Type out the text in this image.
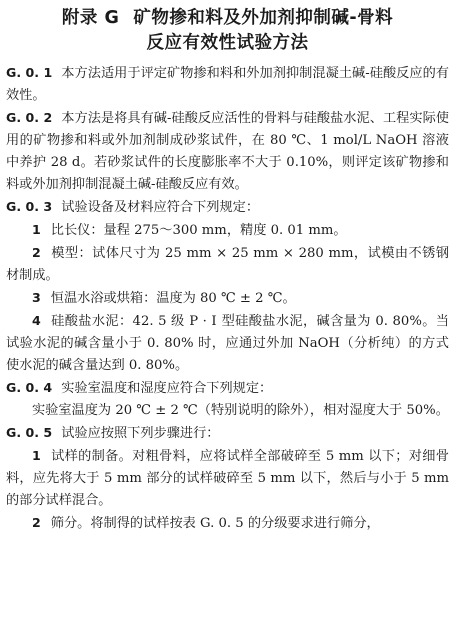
附录 G 矿物掺和料及外加剂抑制碱-骨料
反应有效性试验方法

G. 0. 1 本方法适用于评定矿物掺和料和外加剂抑制混凝土碱-硅酸反应的有效性。

G. 0. 2 本方法是将具有碱-硅酸反应活性的骨料与硅酸盐水泥、工程实际使用的矿物掺和料或外加剂制成砂浆试件，在 80 ℃、1 mol/L NaOH 溶液中养护 28 d。若砂浆试件的长度膨胀率不大于 0.10%，则评定该矿物掺和料或外加剂抑制混凝土碱-硅酸反应有效。

G. 0. 3 试验设备及材料应符合下列规定：

1 比长仪：量程 275～300 mm，精度 0. 01 mm。

2 模型：试体尺寸为 25 mm × 25 mm × 280 mm，试模由不锈钢材制成。

3 恒温水浴或烘箱：温度为 80 ℃ ± 2 ℃。

4 硅酸盐水泥：42. 5 级 P · Ⅰ 型硅酸盐水泥，碱含量为 0. 80%。当试验水泥的碱含量小于 0. 80% 时，应通过外加 NaOH（分析纯）的方式使水泥的碱含量达到 0. 80%。

G. 0. 4 实验室温度和湿度应符合下列规定：

实验室温度为 20 ℃ ± 2 ℃（特别说明的除外），相对湿度大于 50%。

G. 0. 5 试验应按照下列步骤进行：

1 试样的制备。对粗骨料，应将试样全部破碎至 5 mm 以下；对细骨料，应先将大于 5 mm 部分的试样破碎至 5 mm 以下，然后与小于 5 mm 的部分试样混合。

2 筛分。将制得的试样按表 G. 0. 5 的分级要求进行筛分，
